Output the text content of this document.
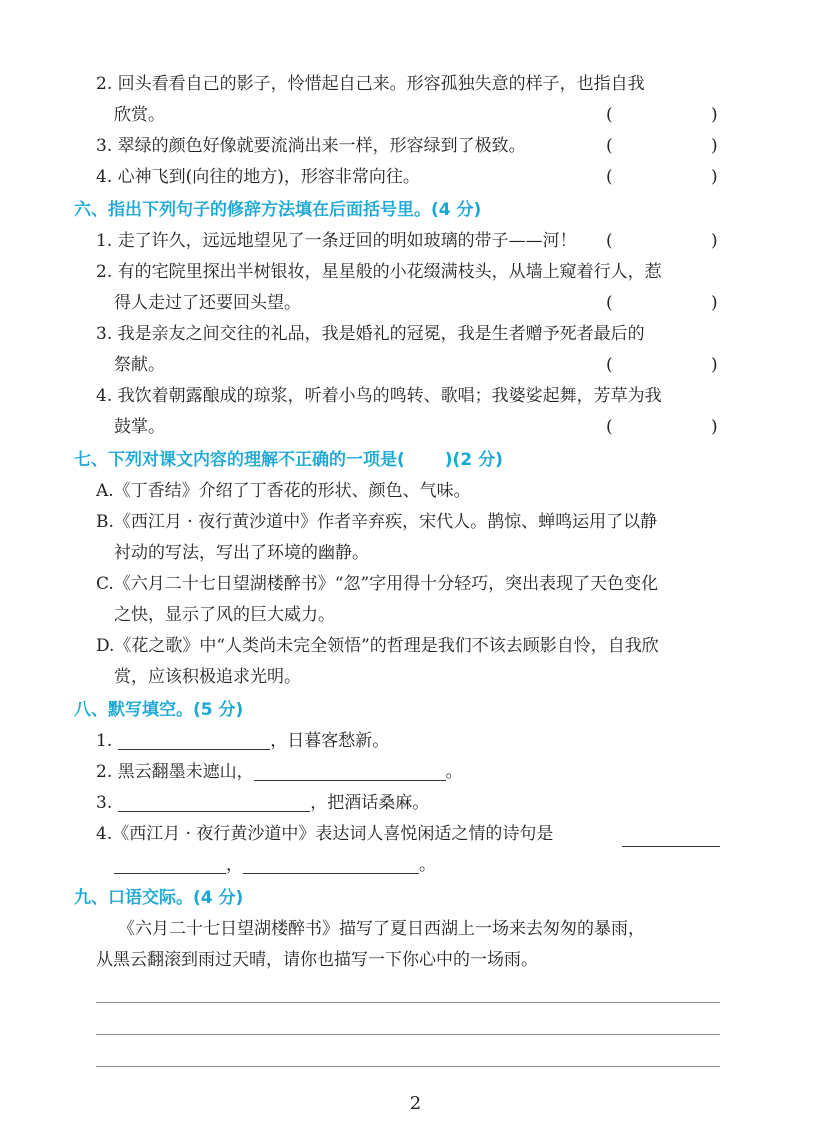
2. 回头看看自己的影子，怜惜起自己来。形容孤独失意的样子，也指自我
欣赏。	(	)
3. 翠绿的颜色好像就要流淌出来一样，形容绿到了极致。	(	)
4. 心神飞到(向往的地方)，形容非常向往。	(	)
六、指出下列句子的修辞方法填在后面括号里。(4 分)
1. 走了许久，远远地望见了一条迂回的明如玻璃的带子——河！ (	)
2. 有的宅院里探出半树银妆，星星般的小花缀满枝头，从墙上窥着行人，惹
得人走过了还要回头望。	(	)
3. 我是亲友之间交往的礼品，我是婚礼的冠冕，我是生者赠予死者最后的
祭献。	(	)
4. 我饮着朝露酿成的琼浆，听着小鸟的鸣转、歌唱；我婆娑起舞，芳草为我
鼓掌。	(	)
七、下列对课文内容的理解不正确的一项是( )(2 分)
A.《丁香结》介绍了丁香花的形状、颜色、气味。
B.《西江月 · 夜行黄沙道中》作者辛弃疾，宋代人。鹊惊、蝉鸣运用了以静
衬动的写法，写出了环境的幽静。
C.《六月二十七日望湖楼醉书》“忽”字用得十分轻巧，突出表现了天色变化
之快，显示了风的巨大威力。
D.《花之歌》中“人类尚未完全领悟”的哲理是我们不该去顾影自怜，自我欣
赏，应该积极追求光明。
八、默写填空。(5 分)
1.	，日暮客愁新。
2. 黑云翻墨未遮山，	。
3.	，把酒话桑麻。
4.《西江月 · 夜行黄沙道中》表达词人喜悦闲适之情的诗句是
，	。
九、口语交际。(4 分)
《六月二十七日望湖楼醉书》描写了夏日西湖上一场来去匆匆的暴雨，
从黑云翻滚到雨过天晴，请你也描写一下你心中的一场雨。
2
